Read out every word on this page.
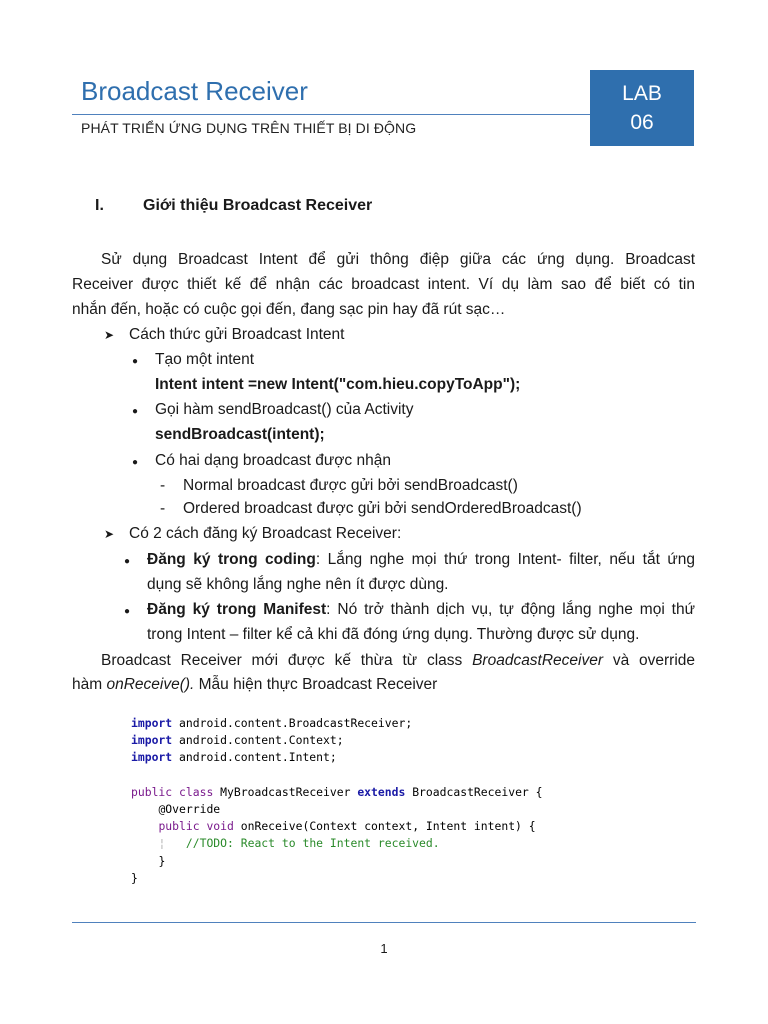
Broadcast Receiver
PHÁT TRIỂN ỨNG DỤNG TRÊN THIẾT BỊ DI ĐỘNG
LAB
06
I. Giới thiệu Broadcast Receiver
Sử dụng Broadcast Intent để gửi thông điệp giữa các ứng dụng. Broadcast
Receiver được thiết kế để nhận các broadcast intent. Ví dụ làm sao để biết có tin
nhắn đến, hoặc có cuộc gọi đến, đang sạc pin hay đã rút sạc…
➤ Cách thức gửi Broadcast Intent
● Tạo một intent
Intent intent =new Intent("com.hieu.copyToApp");
● Gọi hàm sendBroadcast() của Activity
sendBroadcast(intent);
● Có hai dạng broadcast được nhận
- Normal broadcast được gửi bởi sendBroadcast()
- Ordered broadcast được gửi bởi sendOrderedBroadcast()
➤ Có 2 cách đăng ký Broadcast Receiver:
● Đăng ký trong coding: Lắng nghe mọi thứ trong Intent- filter, nếu tắt ứng
dụng sẽ không lắng nghe nên ít được dùng.
● Đăng ký trong Manifest: Nó trở thành dịch vụ, tự động lắng nghe mọi thứ
trong Intent – filter kể cả khi đã đóng ứng dụng. Thường được sử dụng.
Broadcast Receiver mới được kế thừa từ class BroadcastReceiver và override
hàm onReceive(). Mẫu hiện thực Broadcast Receiver
import android.content.BroadcastReceiver;
import android.content.Context;
import android.content.Intent;

public class MyBroadcastReceiver extends BroadcastReceiver {
@Override
public void onReceive(Context context, Intent intent) {
¦ //TODO: React to the Intent received.
}
}
1
